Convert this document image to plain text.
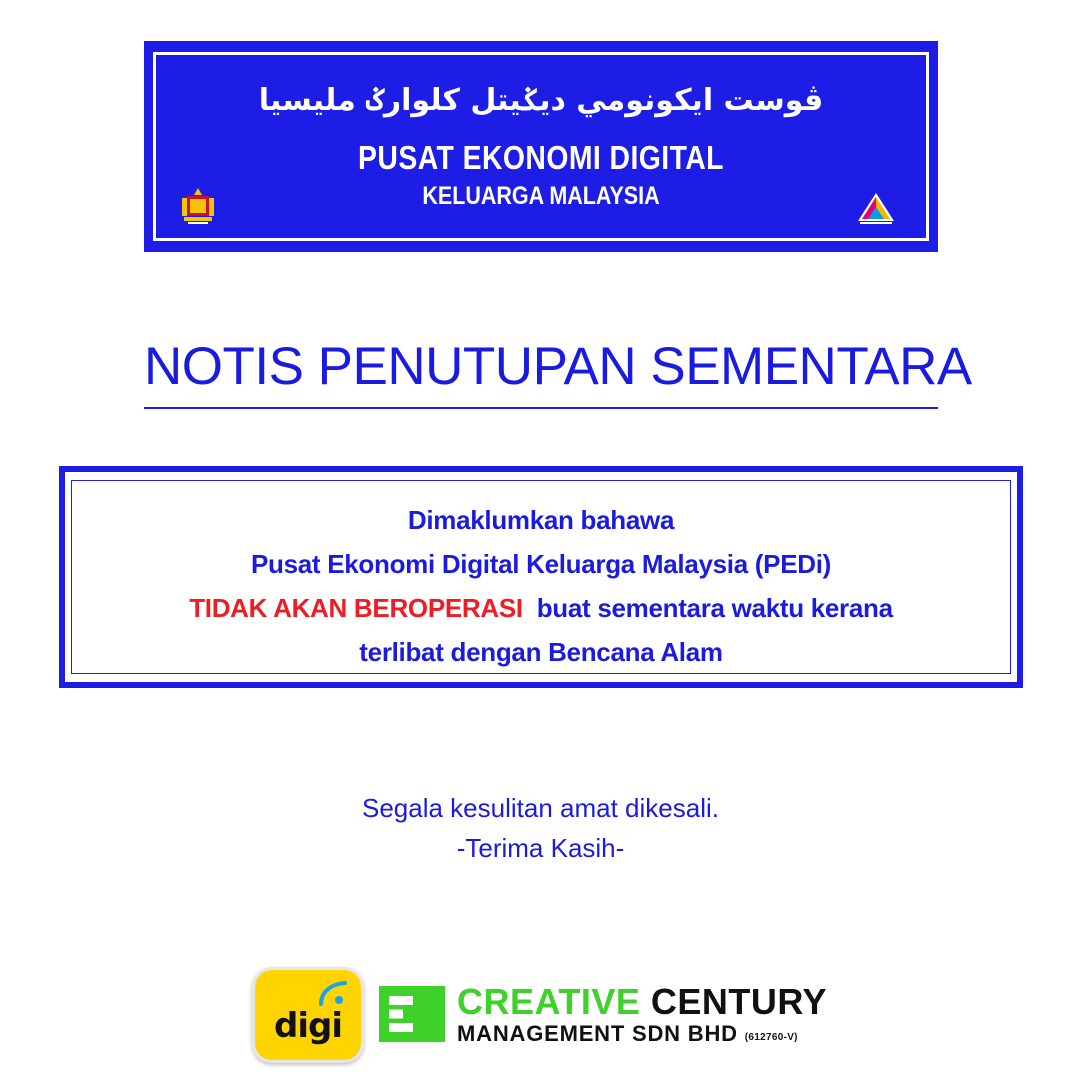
ڤوست ايکونومي ديݢيتل کلوارݢ مليسيا
PUSAT EKONOMI DIGITAL
KELUARGA MALAYSIA
NOTIS PENUTUPAN SEMENTARA
Dimaklumkan bahawa
Pusat Ekonomi Digital Keluarga Malaysia (PEDi)
TIDAK AKAN BEROPERASI buat sementara waktu kerana
terlibat dengan Bencana Alam
Segala kesulitan amat dikesali.
-Terima Kasih-
digi
CREATIVE CENTURY
MANAGEMENT SDN BHD (612760-V)
